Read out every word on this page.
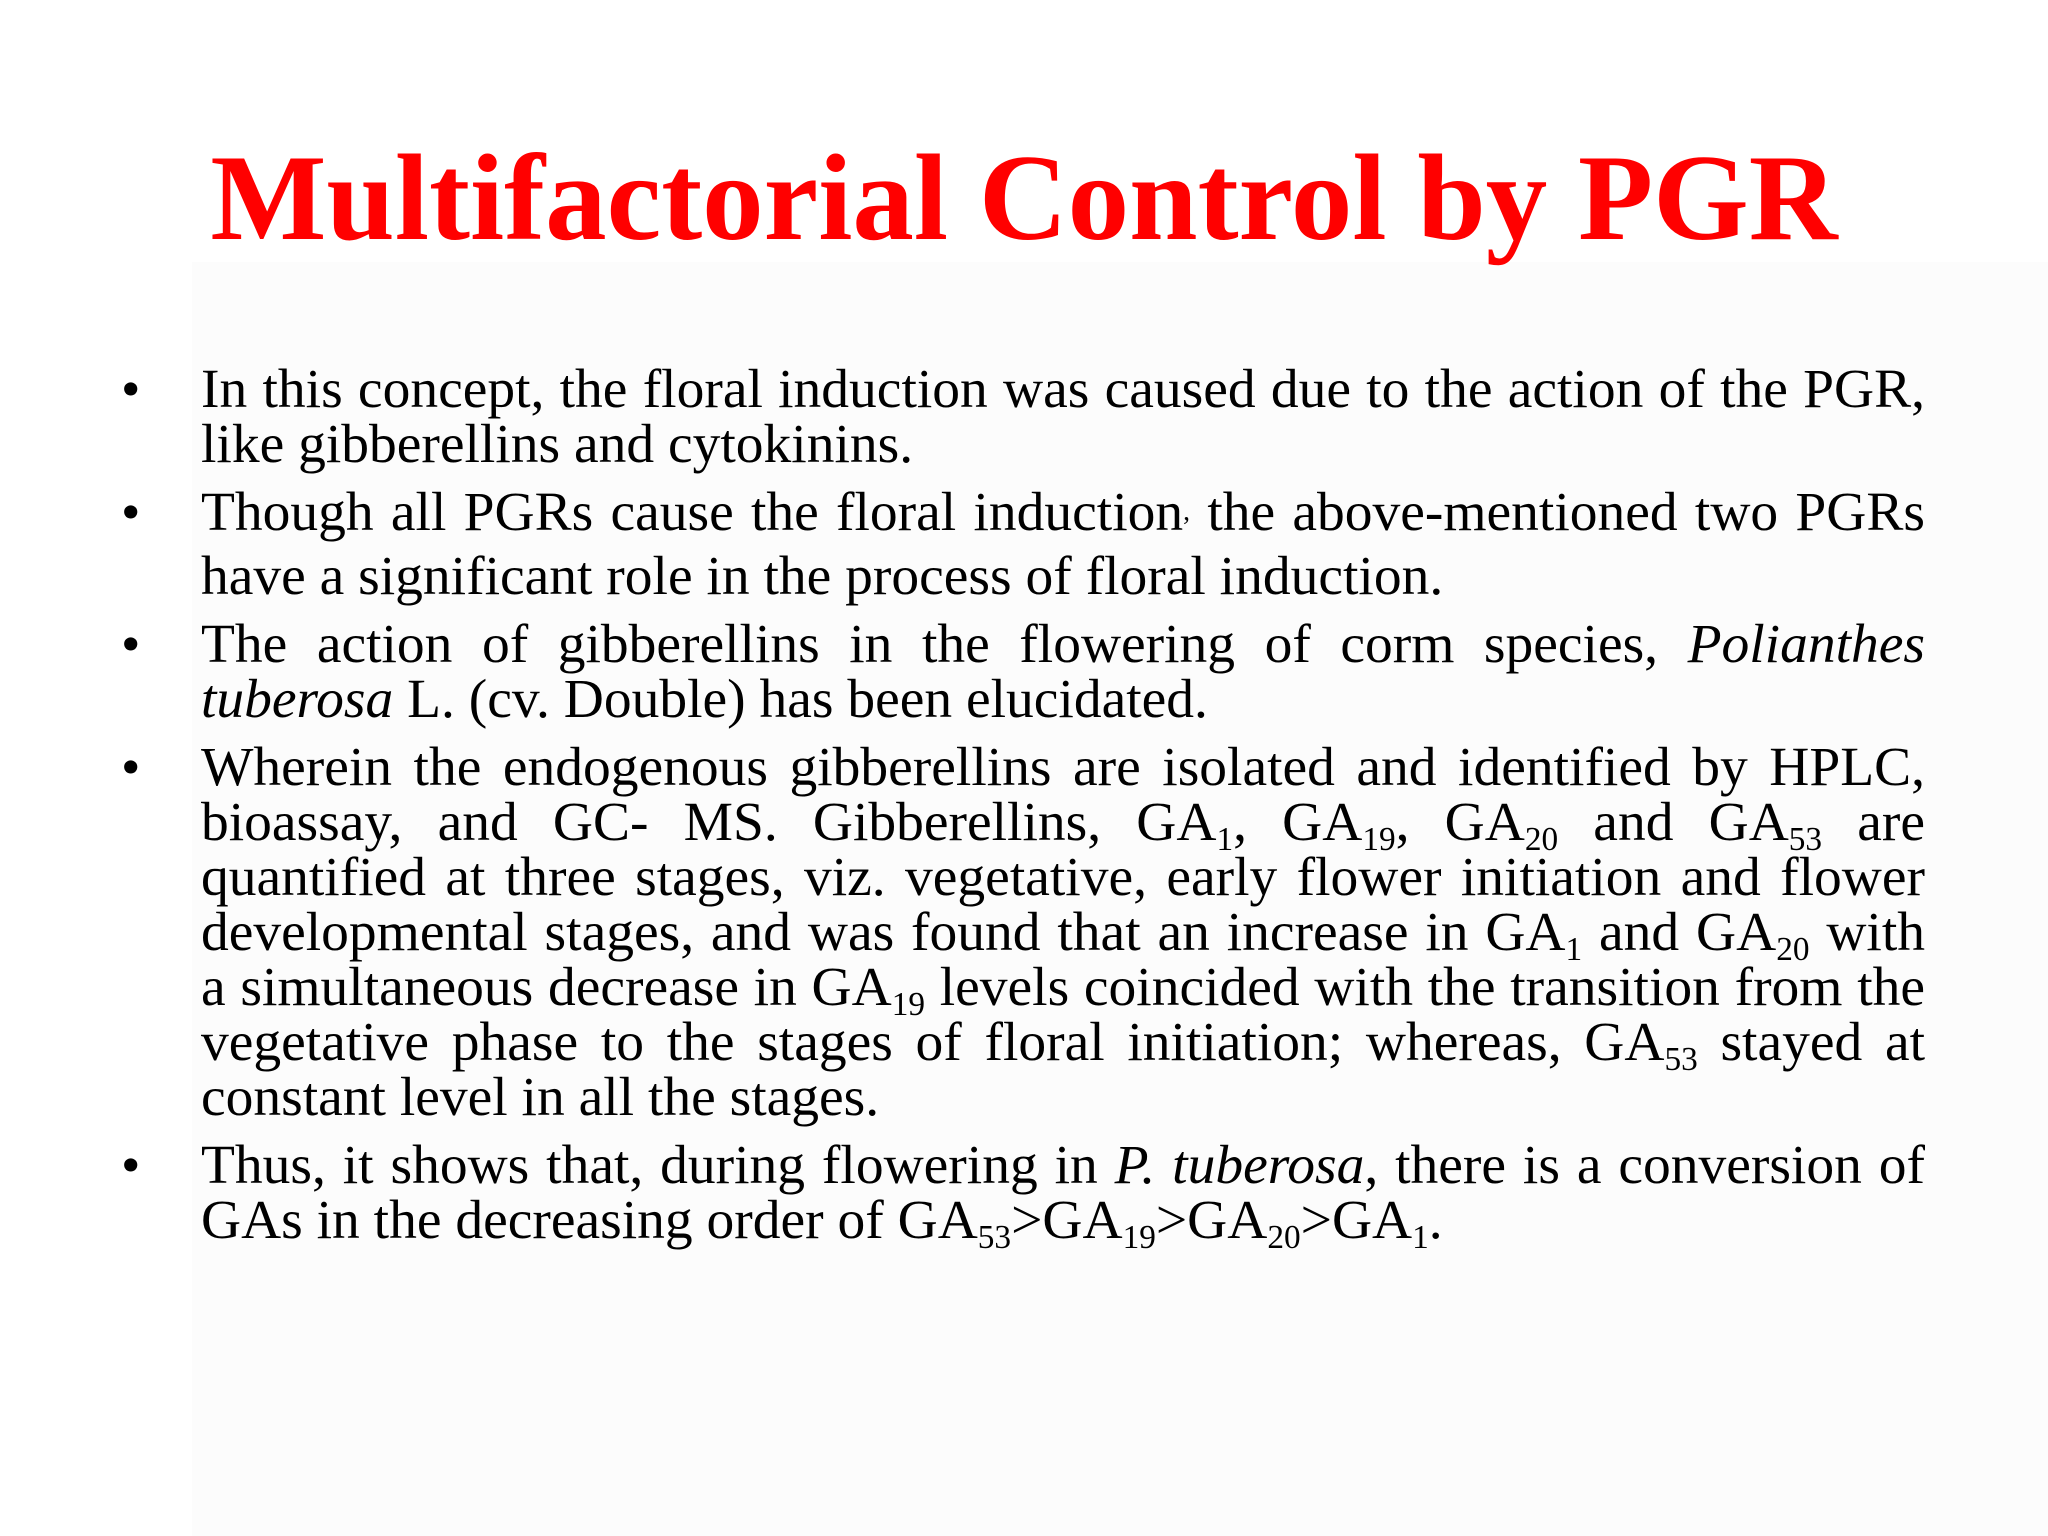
Multifactorial Control by PGR
•	In this concept, the floral induction was caused due to the action of the PGR, like gibberellins and cytokinins.
•	Though all PGRs cause the floral induction, the above-mentioned two PGRs have a significant role in the process of floral induction.
•	The action of gibberellins in the flowering of corm species, Polianthes tuberosa L. (cv. Double) has been elucidated.
•	Wherein the endogenous gibberellins are isolated and identified by HPLC, bioassay, and GC- MS. Gibberellins, $GA_1$, $GA_{19}$, $GA_{20}$ and $GA_{53}$ are quantified at three stages, viz. vegetative, early flower initiation and flower developmental stages, and was found that an increase in $GA_1$ and $GA_{20}$ with a simultaneous decrease in $GA_{19}$ levels coincided with the transition from the vegetative phase to the stages of floral initiation; whereas, $GA_{53}$ stayed at constant level in all the stages.
•	Thus, it shows that, during flowering in P. tuberosa, there is a conversion of GAs in the decreasing order of $GA_{53}>GA_{19}>GA_{20}>GA_1$.
